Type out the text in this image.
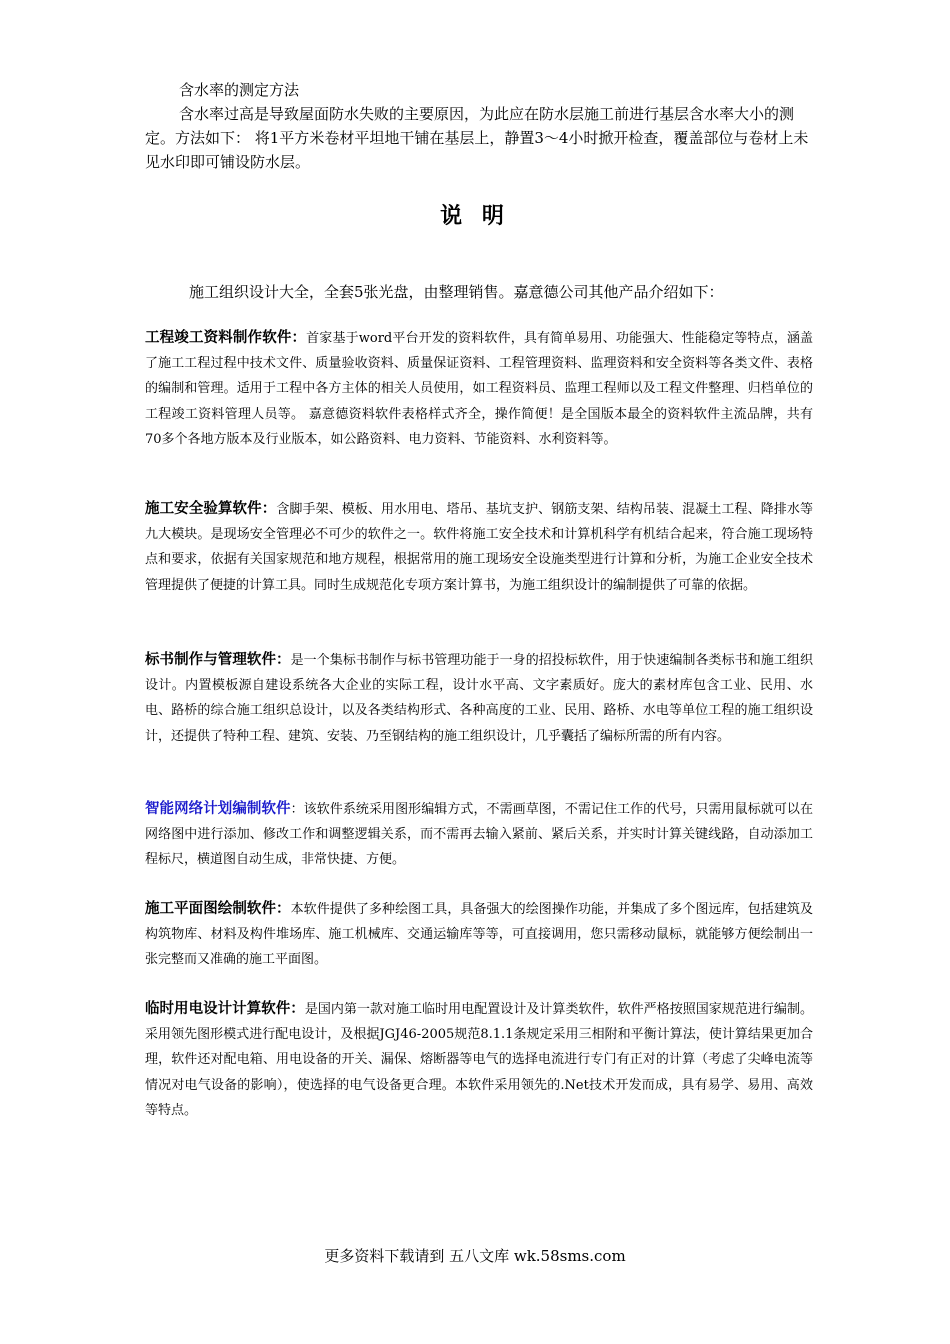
含水率的测定方法
含水率过高是导致屋面防水失败的主要原因，为此应在防水层施工前进行基层含水率大小的测定。方法如下： 将1平方米卷材平坦地干铺在基层上，静置3～4小时掀开检查，覆盖部位与卷材上未见水印即可铺设防水层。
说 明
施工组织设计大全，全套5张光盘，由整理销售。嘉意德公司其他产品介绍如下：
工程竣工资料制作软件：首家基于word平台开发的资料软件，具有简单易用、功能强大、性能稳定等特点，涵盖了施工工程过程中技术文件、质量验收资料、质量保证资料、工程管理资料、监理资料和安全资料等各类文件、表格的编制和管理。适用于工程中各方主体的相关人员使用，如工程资料员、监理工程师以及工程文件整理、归档单位的工程竣工资料管理人员等。 嘉意德资料软件表格样式齐全，操作简便！是全国版本最全的资料软件主流品牌，共有70多个各地方版本及行业版本，如公路资料、电力资料、节能资料、水利资料等。
施工安全验算软件：含脚手架、模板、用水用电、塔吊、基坑支护、钢筋支架、结构吊装、混凝土工程、降排水等九大模块。是现场安全管理必不可少的软件之一。软件将施工安全技术和计算机科学有机结合起来，符合施工现场特点和要求，依据有关国家规范和地方规程，根据常用的施工现场安全设施类型进行计算和分析，为施工企业安全技术管理提供了便捷的计算工具。同时生成规范化专项方案计算书，为施工组织设计的编制提供了可靠的依据。
标书制作与管理软件：是一个集标书制作与标书管理功能于一身的招投标软件，用于快速编制各类标书和施工组织设计。内置模板源自建设系统各大企业的实际工程，设计水平高、文字素质好。庞大的素材库包含工业、民用、水电、路桥的综合施工组织总设计，以及各类结构形式、各种高度的工业、民用、路桥、水电等单位工程的施工组织设计，还提供了特种工程、建筑、安装、乃至钢结构的施工组织设计，几乎囊括了编标所需的所有内容。
智能网络计划编制软件：该软件系统采用图形编辑方式，不需画草图，不需记住工作的代号，只需用鼠标就可以在网络图中进行添加、修改工作和调整逻辑关系，而不需再去输入紧前、紧后关系，并实时计算关键线路，自动添加工程标尺，横道图自动生成，非常快捷、方便。
施工平面图绘制软件：本软件提供了多种绘图工具，具备强大的绘图操作功能，并集成了多个图远库，包括建筑及构筑物库、材料及构件堆场库、施工机械库、交通运输库等等，可直接调用，您只需移动鼠标，就能够方便绘制出一张完整而又准确的施工平面图。
临时用电设计计算软件：是国内第一款对施工临时用电配置设计及计算类软件，软件严格按照国家规范进行编制。采用领先图形模式进行配电设计，及根据JGJ46-2005规范8.1.1条规定采用三相附和平衡计算法，使计算结果更加合理，软件还对配电箱、用电设备的开关、漏保、熔断器等电气的选择电流进行专门有正对的计算（考虑了尖峰电流等情况对电气设备的影响），使选择的电气设备更合理。本软件采用领先的.Net技术开发而成，具有易学、易用、高效等特点。
更多资料下载请到 五八文库 wk.58sms.com
